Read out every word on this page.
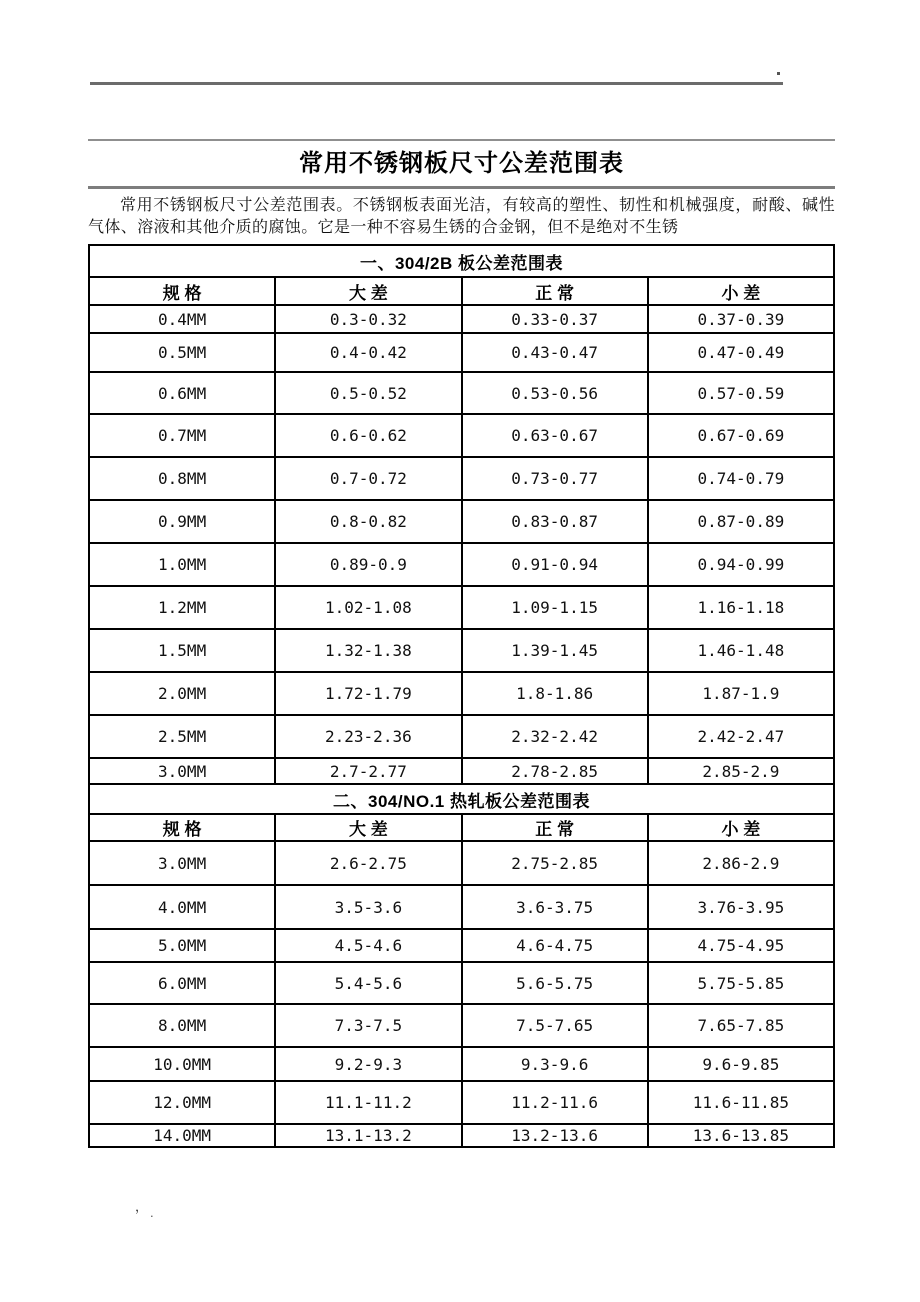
常用不锈钢板尺寸公差范围表

常用不锈钢板尺寸公差范围表。不锈钢板表面光洁，有较高的塑性、韧性和机械强度，耐酸、碱性气体、溶液和其他介质的腐蚀。它是一种不容易生锈的合金钢，但不是绝对不生锈

一、304/2B 板公差范围表			
规 格	大 差	正 常	小 差
0.4MM	0.3-0.32	0.33-0.37	0.37-0.39
0.5MM	0.4-0.42	0.43-0.47	0.47-0.49
0.6MM	0.5-0.52	0.53-0.56	0.57-0.59
0.7MM	0.6-0.62	0.63-0.67	0.67-0.69
0.8MM	0.7-0.72	0.73-0.77	0.74-0.79
0.9MM	0.8-0.82	0.83-0.87	0.87-0.89
1.0MM	0.89-0.9	0.91-0.94	0.94-0.99
1.2MM	1.02-1.08	1.09-1.15	1.16-1.18
1.5MM	1.32-1.38	1.39-1.45	1.46-1.48
2.0MM	1.72-1.79	1.8-1.86	1.87-1.9
2.5MM	2.23-2.36	2.32-2.42	2.42-2.47
3.0MM	2.7-2.77	2.78-2.85	2.85-2.9
二、304/NO.1 热轧板公差范围表			
规 格	大 差	正 常	小 差
3.0MM	2.6-2.75	2.75-2.85	2.86-2.9
4.0MM	3.5-3.6	3.6-3.75	3.76-3.95
5.0MM	4.5-4.6	4.6-4.75	4.75-4.95
6.0MM	5.4-5.6	5.6-5.75	5.75-5.85
8.0MM	7.3-7.5	7.5-7.65	7.65-7.85
10.0MM	9.2-9.3	9.3-9.6	9.6-9.85
12.0MM	11.1-11.2	11.2-11.6	11.6-11.85
14.0MM	13.1-13.2	13.2-13.6	13.6-13.85
， .
